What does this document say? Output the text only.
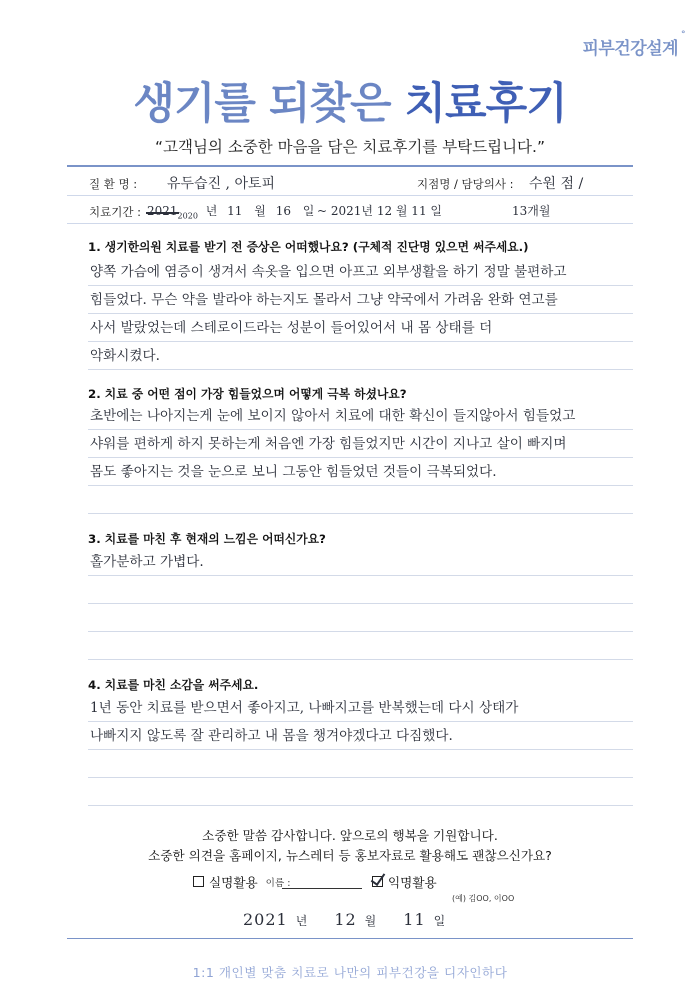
피부건강설계
°
생기를 되찾은 치료후기
“고객님의 소중한 마음을 담은 치료후기를 부탁드립니다.”
질 환 명 : 유두습진 , 아토피	지점명 / 담당의사 : 수원 점 /
치료기간 : $2021_{2020}$ 년 11 월 16 일 ~ 2021년 12 월 11 일	13개월
1. 생기한의원 치료를 받기 전 증상은 어떠했나요? (구체적 진단명 있으면 써주세요.)
양쪽 가슴에 염증이 생겨서 속옷을 입으면 아프고 외부생활을 하기 정말 불편하고
힘들었다. 무슨 약을 발라야 하는지도 몰라서 그냥 약국에서 가려움 완화 연고를
사서 발랐었는데 스테로이드라는 성분이 들어있어서 내 몸 상태를 더
악화시켰다.
2. 치료 중 어떤 점이 가장 힘들었으며 어떻게 극복 하셨나요?
초반에는 나아지는게 눈에 보이지 않아서 치료에 대한 확신이 들지않아서 힘들었고
샤워를 편하게 하지 못하는게 처음엔 가장 힘들었지만 시간이 지나고 살이 빠지며
몸도 좋아지는 것을 눈으로 보니 그동안 힘들었던 것들이 극복되었다.
3. 치료를 마친 후 현재의 느낌은 어떠신가요?
홀가분하고 가볍다.
4. 치료를 마친 소감을 써주세요.
1년 동안 치료를 받으면서 좋아지고, 나빠지고를 반복했는데 다시 상태가
나빠지지 않도록 잘 관리하고 내 몸을 챙겨야겠다고 다짐했다.
소중한 말씀 감사합니다. 앞으로의 행복을 기원합니다.
소중한 의견을 홈페이지, 뉴스레터 등 홍보자료로 활용해도 괜찮으신가요?
실명활용 이름 :	익명활용
(예) 김OO, 이OO
2021 년 12 월 11 일
1:1 개인별 맞춤 치료로 나만의 피부건강을 디자인하다
